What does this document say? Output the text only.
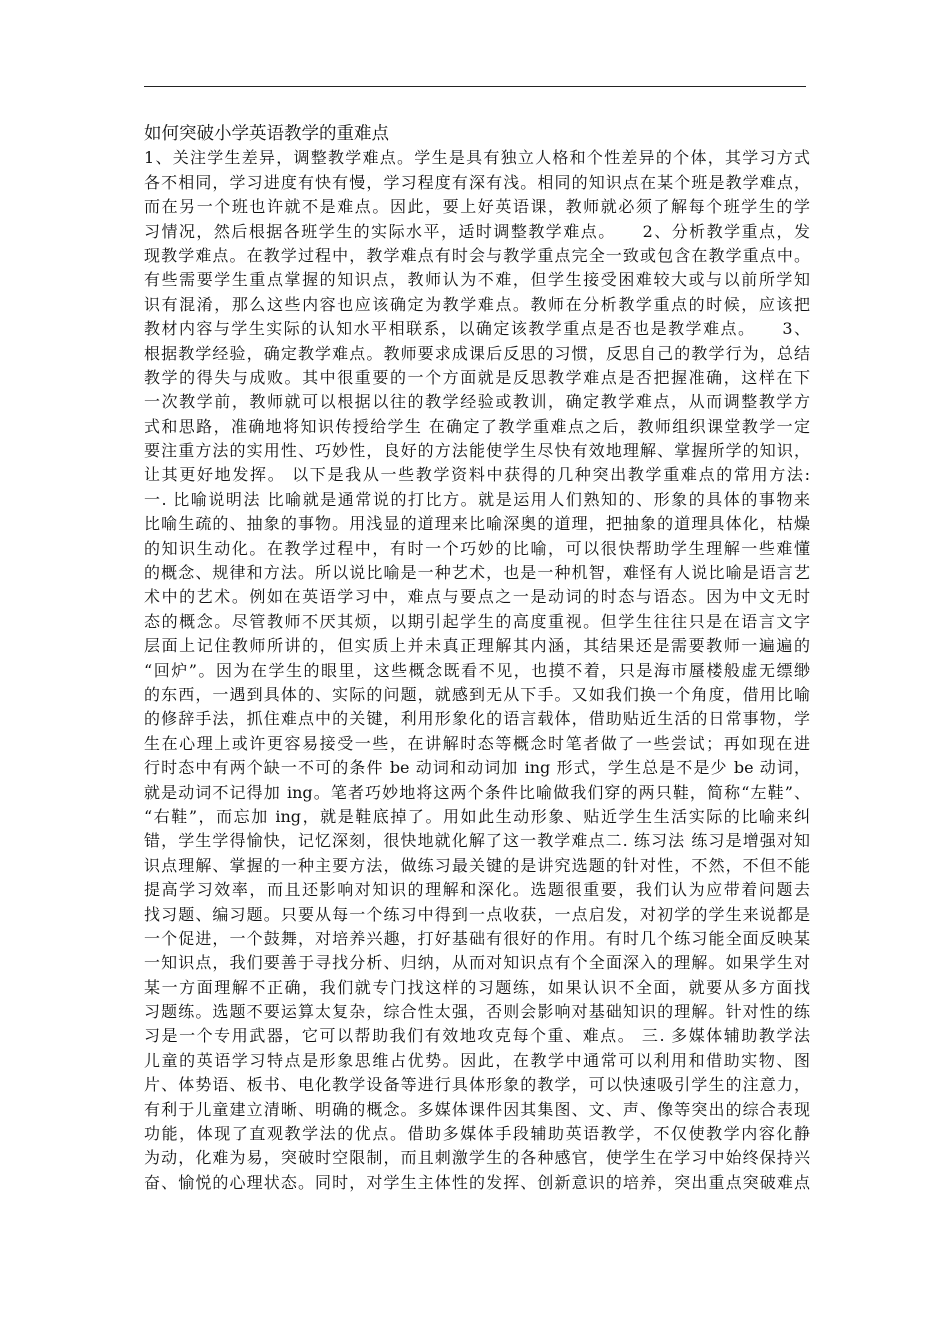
如何突破小学英语教学的重难点
1、关注学生差异，调整教学难点。学生是具有独立人格和个性差异的个体，其学习方式
各不相同，学习进度有快有慢，学习程度有深有浅。相同的知识点在某个班是教学难点，
而在另一个班也许就不是难点。因此，要上好英语课，教师就必须了解每个班学生的学
习情况，然后根据各班学生的实际水平，适时调整教学难点。　　2、分析教学重点，发
现教学难点。在教学过程中，教学难点有时会与教学重点完全一致或包含在教学重点中。
有些需要学生重点掌握的知识点，教师认为不难，但学生接受困难较大或与以前所学知
识有混淆，那么这些内容也应该确定为教学难点。教师在分析教学重点的时候，应该把
教材内容与学生实际的认知水平相联系，以确定该教学重点是否也是教学难点。　　3、
根据教学经验，确定教学难点。教师要求成课后反思的习惯，反思自己的教学行为，总结
教学的得失与成败。其中很重要的一个方面就是反思教学难点是否把握准确，这样在下
一次教学前，教师就可以根据以往的教学经验或教训，确定教学难点，从而调整教学方
式和思路，准确地将知识传授给学生 在确定了教学重难点之后，教师组织课堂教学一定
要注重方法的实用性、巧妙性，良好的方法能使学生尽快有效地理解、掌握所学的知识，
让其更好地发挥。 以下是我从一些教学资料中获得的几种突出教学重难点的常用方法:
一. 比喻说明法 比喻就是通常说的打比方。就是运用人们熟知的、形象的具体的事物来
比喻生疏的、抽象的事物。用浅显的道理来比喻深奥的道理，把抽象的道理具体化，枯燥
的知识生动化。在教学过程中，有时一个巧妙的比喻，可以很快帮助学生理解一些难懂
的概念、规律和方法。所以说比喻是一种艺术，也是一种机智，难怪有人说比喻是语言艺
术中的艺术。例如在英语学习中，难点与要点之一是动词的时态与语态。因为中文无时
态的概念。尽管教师不厌其烦，以期引起学生的高度重视。但学生往往只是在语言文字
层面上记住教师所讲的，但实质上并未真正理解其内涵，其结果还是需要教师一遍遍的
“回炉”。因为在学生的眼里，这些概念既看不见，也摸不着，只是海市蜃楼般虚无缥缈
的东西，一遇到具体的、实际的问题，就感到无从下手。又如我们换一个角度，借用比喻
的修辞手法，抓住难点中的关键，利用形象化的语言载体，借助贴近生活的日常事物，学
生在心理上或许更容易接受一些，在讲解时态等概念时笔者做了一些尝试；再如现在进
行时态中有两个缺一不可的条件 be 动词和动词加 ing 形式，学生总是不是少 be 动词，
就是动词不记得加 ing。笔者巧妙地将这两个条件比喻做我们穿的两只鞋，简称“左鞋”、
“右鞋”，而忘加 ing，就是鞋底掉了。用如此生动形象、贴近学生生活实际的比喻来纠
错，学生学得愉快，记忆深刻，很快地就化解了这一教学难点二. 练习法 练习是增强对知
识点理解、掌握的一种主要方法，做练习最关键的是讲究选题的针对性，不然，不但不能
提高学习效率，而且还影响对知识的理解和深化。选题很重要，我们认为应带着问题去
找习题、编习题。只要从每一个练习中得到一点收获，一点启发，对初学的学生来说都是
一个促进，一个鼓舞，对培养兴趣，打好基础有很好的作用。有时几个练习能全面反映某
一知识点，我们要善于寻找分析、归纳，从而对知识点有个全面深入的理解。如果学生对
某一方面理解不正确，我们就专门找这样的习题练，如果认识不全面，就要从多方面找
习题练。选题不要运算太复杂，综合性太强，否则会影响对基础知识的理解。针对性的练
习是一个专用武器，它可以帮助我们有效地攻克每个重、难点。 三. 多媒体辅助教学法
儿童的英语学习特点是形象思维占优势。因此，在教学中通常可以利用和借助实物、图
片、体势语、板书、电化教学设备等进行具体形象的教学，可以快速吸引学生的注意力，
有利于儿童建立清晰、明确的概念。多媒体课件因其集图、文、声、像等突出的综合表现
功能，体现了直观教学法的优点。借助多媒体手段辅助英语教学，不仅使教学内容化静
为动，化难为易，突破时空限制，而且刺激学生的各种感官，使学生在学习中始终保持兴
奋、愉悦的心理状态。同时，对学生主体性的发挥、创新意识的培养，突出重点突破难点
